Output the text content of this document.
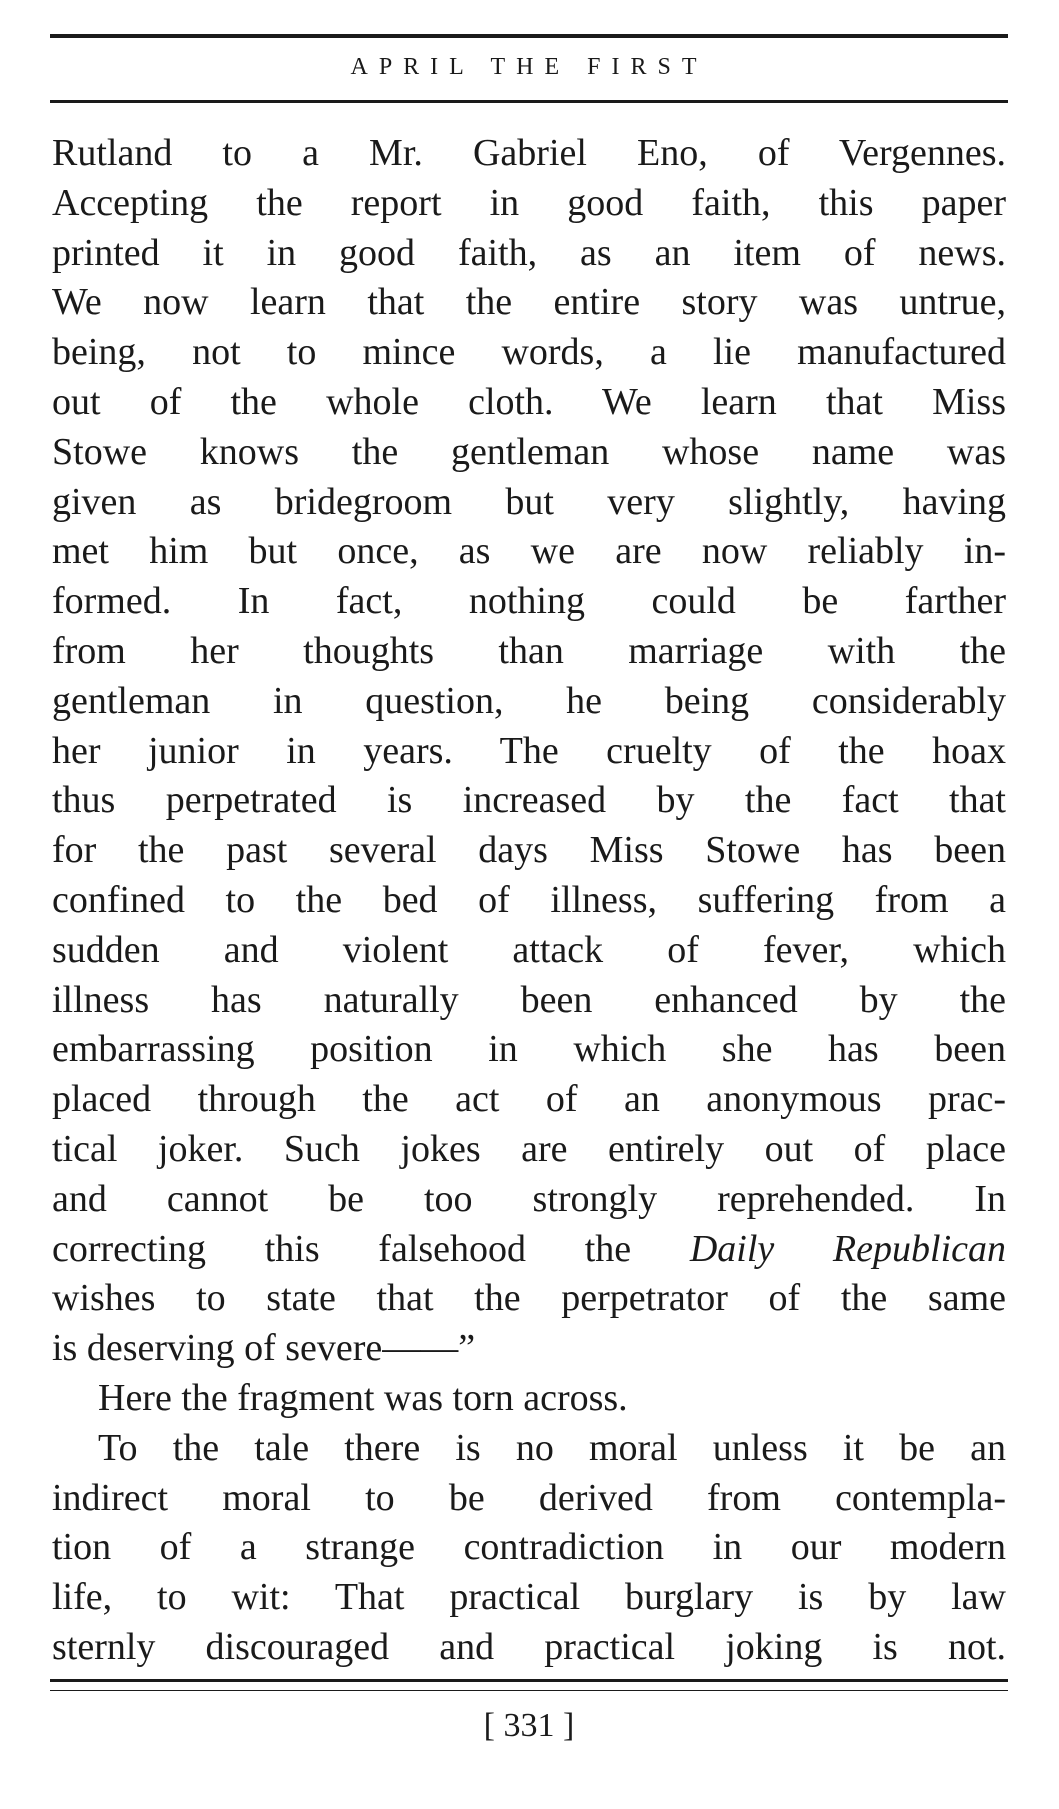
APRIL THE FIRST
Rutland to a Mr. Gabriel Eno, of Vergennes.
Accepting the report in good faith, this paper
printed it in good faith, as an item of news.
We now learn that the entire story was untrue,
being, not to mince words, a lie manufactured
out of the whole cloth. We learn that Miss
Stowe knows the gentleman whose name was
given as bridegroom but very slightly, having
met him but once, as we are now reliably in-
formed. In fact, nothing could be farther
from her thoughts than marriage with the
gentleman in question, he being considerably
her junior in years. The cruelty of the hoax
thus perpetrated is increased by the fact that
for the past several days Miss Stowe has been
confined to the bed of illness, suffering from a
sudden and violent attack of fever, which
illness has naturally been enhanced by the
embarrassing position in which she has been
placed through the act of an anonymous prac-
tical joker. Such jokes are entirely out of place
and cannot be too strongly reprehended. In
correcting this falsehood the Daily Republican
wishes to state that the perpetrator of the same
is deserving of severe——”
Here the fragment was torn across.
To the tale there is no moral unless it be an
indirect moral to be derived from contempla-
tion of a strange contradiction in our modern
life, to wit: That practical burglary is by law
sternly discouraged and practical joking is not.
[ 331 ]
